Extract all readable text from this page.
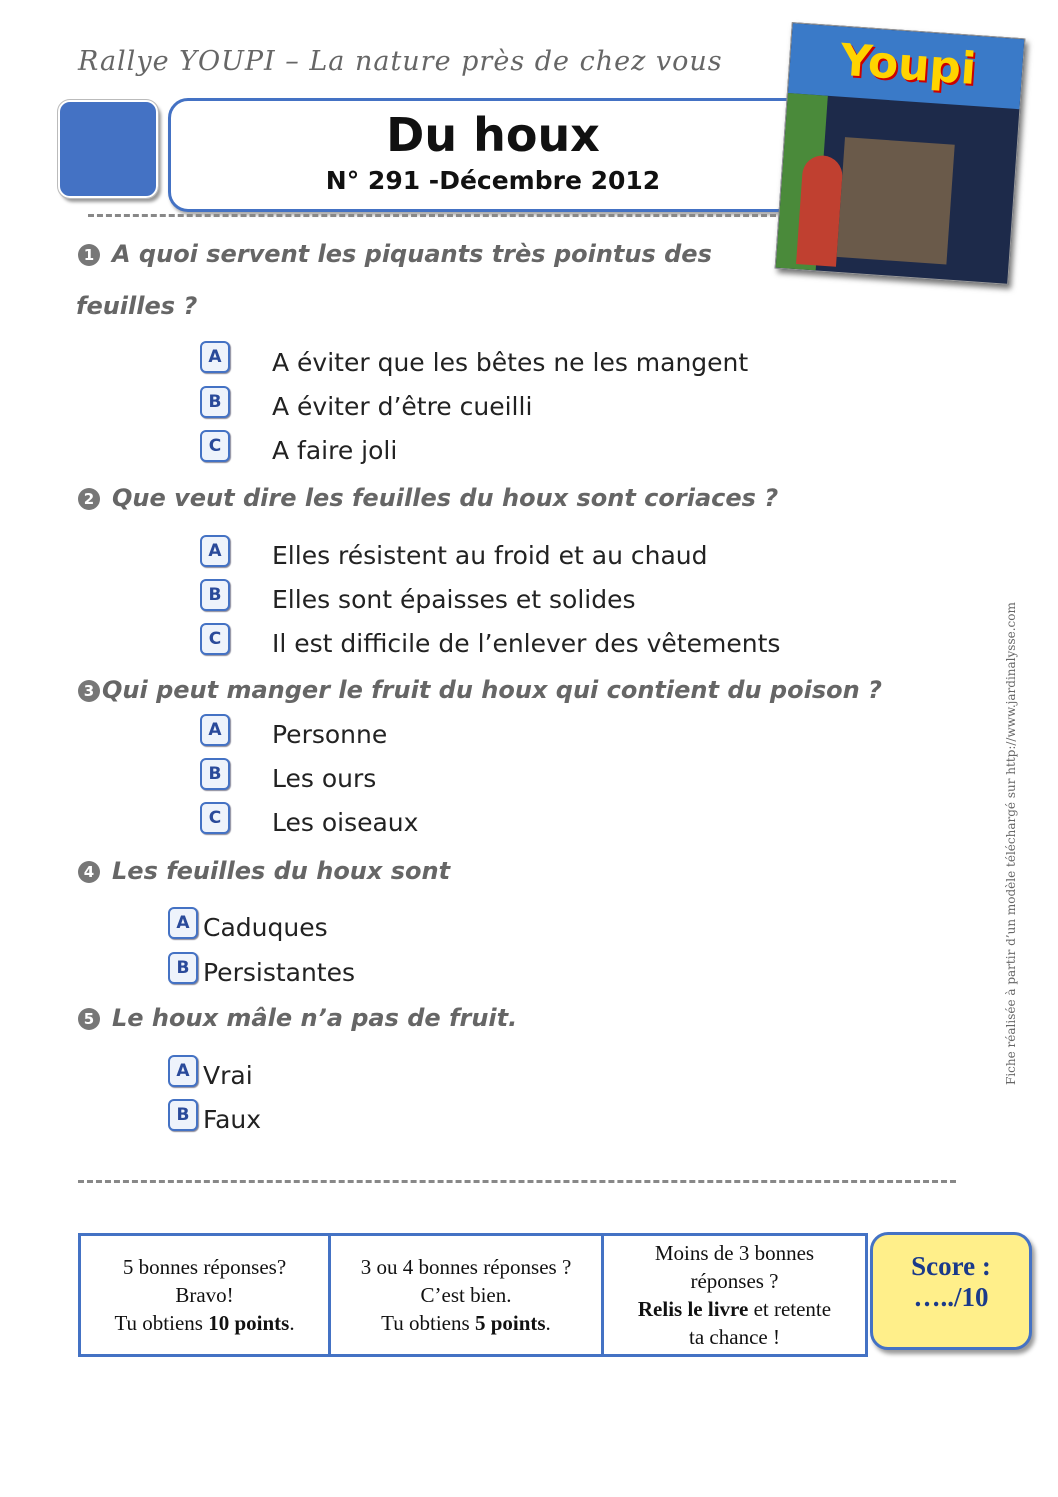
Rallye YOUPI – La nature près de chez vous
Du houx
N° 291 -Décembre 2012
Youpi
1 A quoi servent les piquants très pointus des
feuilles ?
A	A éviter que les bêtes ne les mangent
B	A éviter d’être cueilli
C	A faire joli
2 Que veut dire les feuilles du houx sont coriaces ?
A	Elles résistent au froid et au chaud
B	Elles sont épaisses et solides
C	Il est difficile de l’enlever des vêtements
3 Qui peut manger le fruit du houx qui contient du poison ?
A	Personne
B	Les ours
C	Les oiseaux
4 Les feuilles du houx sont
A Caduques
B Persistantes
5 Le houx mâle n’a pas de fruit.
A Vrai
B Faux
Fiche réalisée à partir d’un modèle téléchargé sur http://www.jardinalysse.com
5 bonnes réponses?
Bravo!
Tu obtiens 10 points.
3 ou 4 bonnes réponses ?
C’est bien.
Tu obtiens 5 points.
Moins de 3 bonnes
réponses ?
Relis le livre et retente
ta chance !
Score :
…../10
